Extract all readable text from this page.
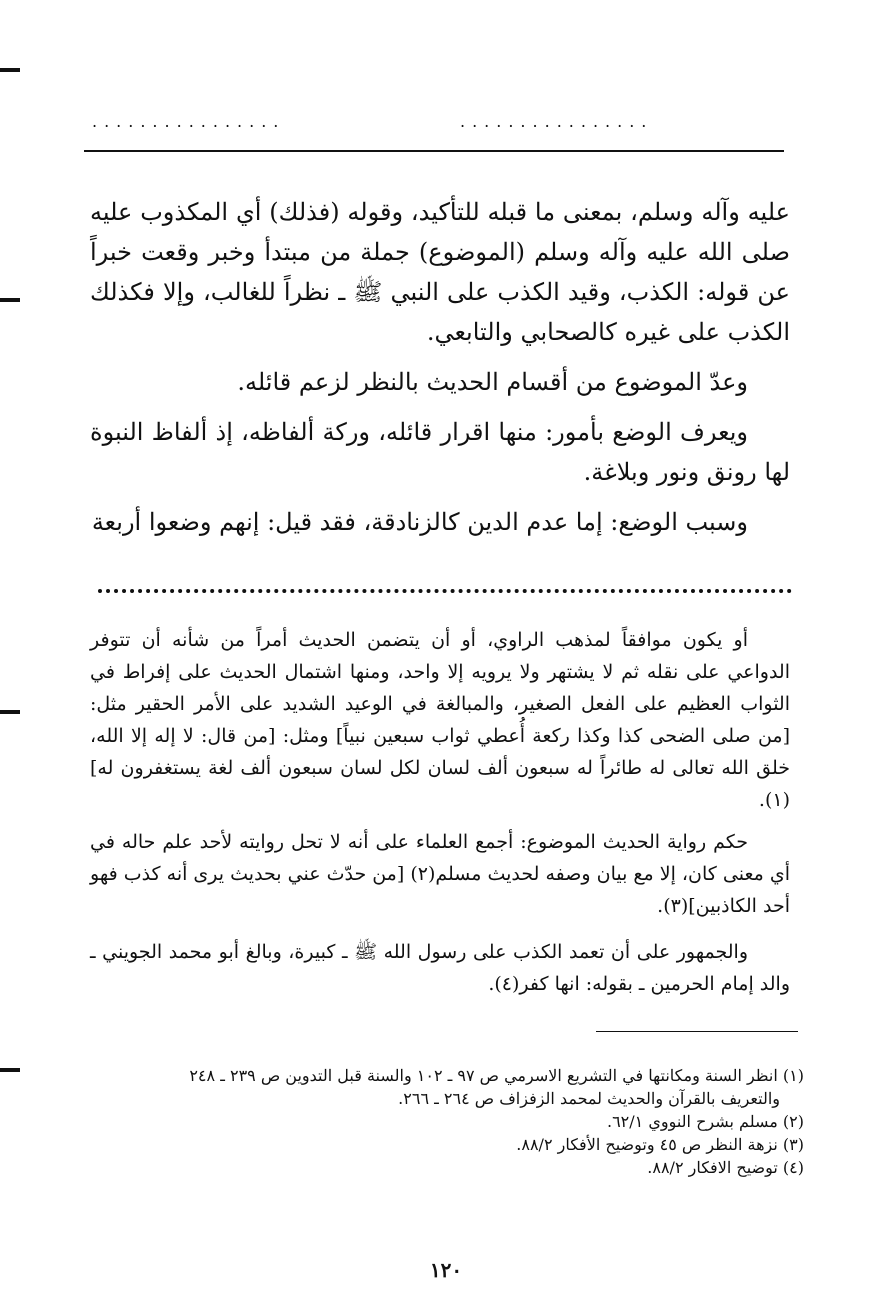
................	................

عليه وآله وسلم، بمعنى ما قبله للتأكيد، وقوله (فذلك) أي المكذوب عليه صلى الله عليه وآله وسلم (الموضوع) جملة من مبتدأ وخبر وقعت خبراً عن قوله: الكذب، وقيد الكذب على النبي ﷺ ـ نظراً للغالب، وإلا فكذلك الكذب على غيره كالصحابي والتابعي.

وعدّ الموضوع من أقسام الحديث بالنظر لزعم قائله.

ويعرف الوضع بأمور: منها اقرار قائله، وركة ألفاظه، إذ ألفاظ النبوة لها رونق ونور وبلاغة.

وسبب الوضع: إما عدم الدين كالزنادقة، فقد قيل: إنهم وضعوا أربعة

أو يكون موافقاً لمذهب الراوي، أو أن يتضمن الحديث أمراً من شأنه أن تتوفر الدواعي على نقله ثم لا يشتهر ولا يرويه إلا واحد، ومنها اشتمال الحديث على إفراط في الثواب العظيم على الفعل الصغير، والمبالغة في الوعيد الشديد على الأمر الحقير مثل: [من صلى الضحى كذا وكذا ركعة أُعطي ثواب سبعين نبياً] ومثل: [من قال: لا إله إلا الله، خلق الله تعالى له طائراً له سبعون ألف لسان لكل لسان سبعون ألف لغة يستغفرون له](١).

حكم رواية الحديث الموضوع: أجمع العلماء على أنه لا تحل روايته لأحد علم حاله في أي معنى كان، إلا مع بيان وصفه لحديث مسلم(٢) [من حدّث عني بحديث يرى أنه كذب فهو أحد الكاذبين](٣).

والجمهور على أن تعمد الكذب على رسول الله ﷺ ـ كبيرة، وبالغ أبو محمد الجويني ـ والد إمام الحرمين ـ بقوله: انها كفر(٤).

(١) انظر السنة ومكانتها في التشريع الاسرمي ص ٩٧ ـ ١٠٢ والسنة قبل التدوين ص ٢٣٩ ـ ٢٤٨

والتعريف بالقرآن والحديث لمحمد الزفزاف ص ٢٦٤ ـ ٢٦٦.

(٢) مسلم بشرح النووي ٦٢/١.

(٣) نزهة النظر ص ٤٥ وتوضيح الأفكار ٨٨/٢.

(٤) توضيح الافكار ٨٨/٢.

١٢٠
